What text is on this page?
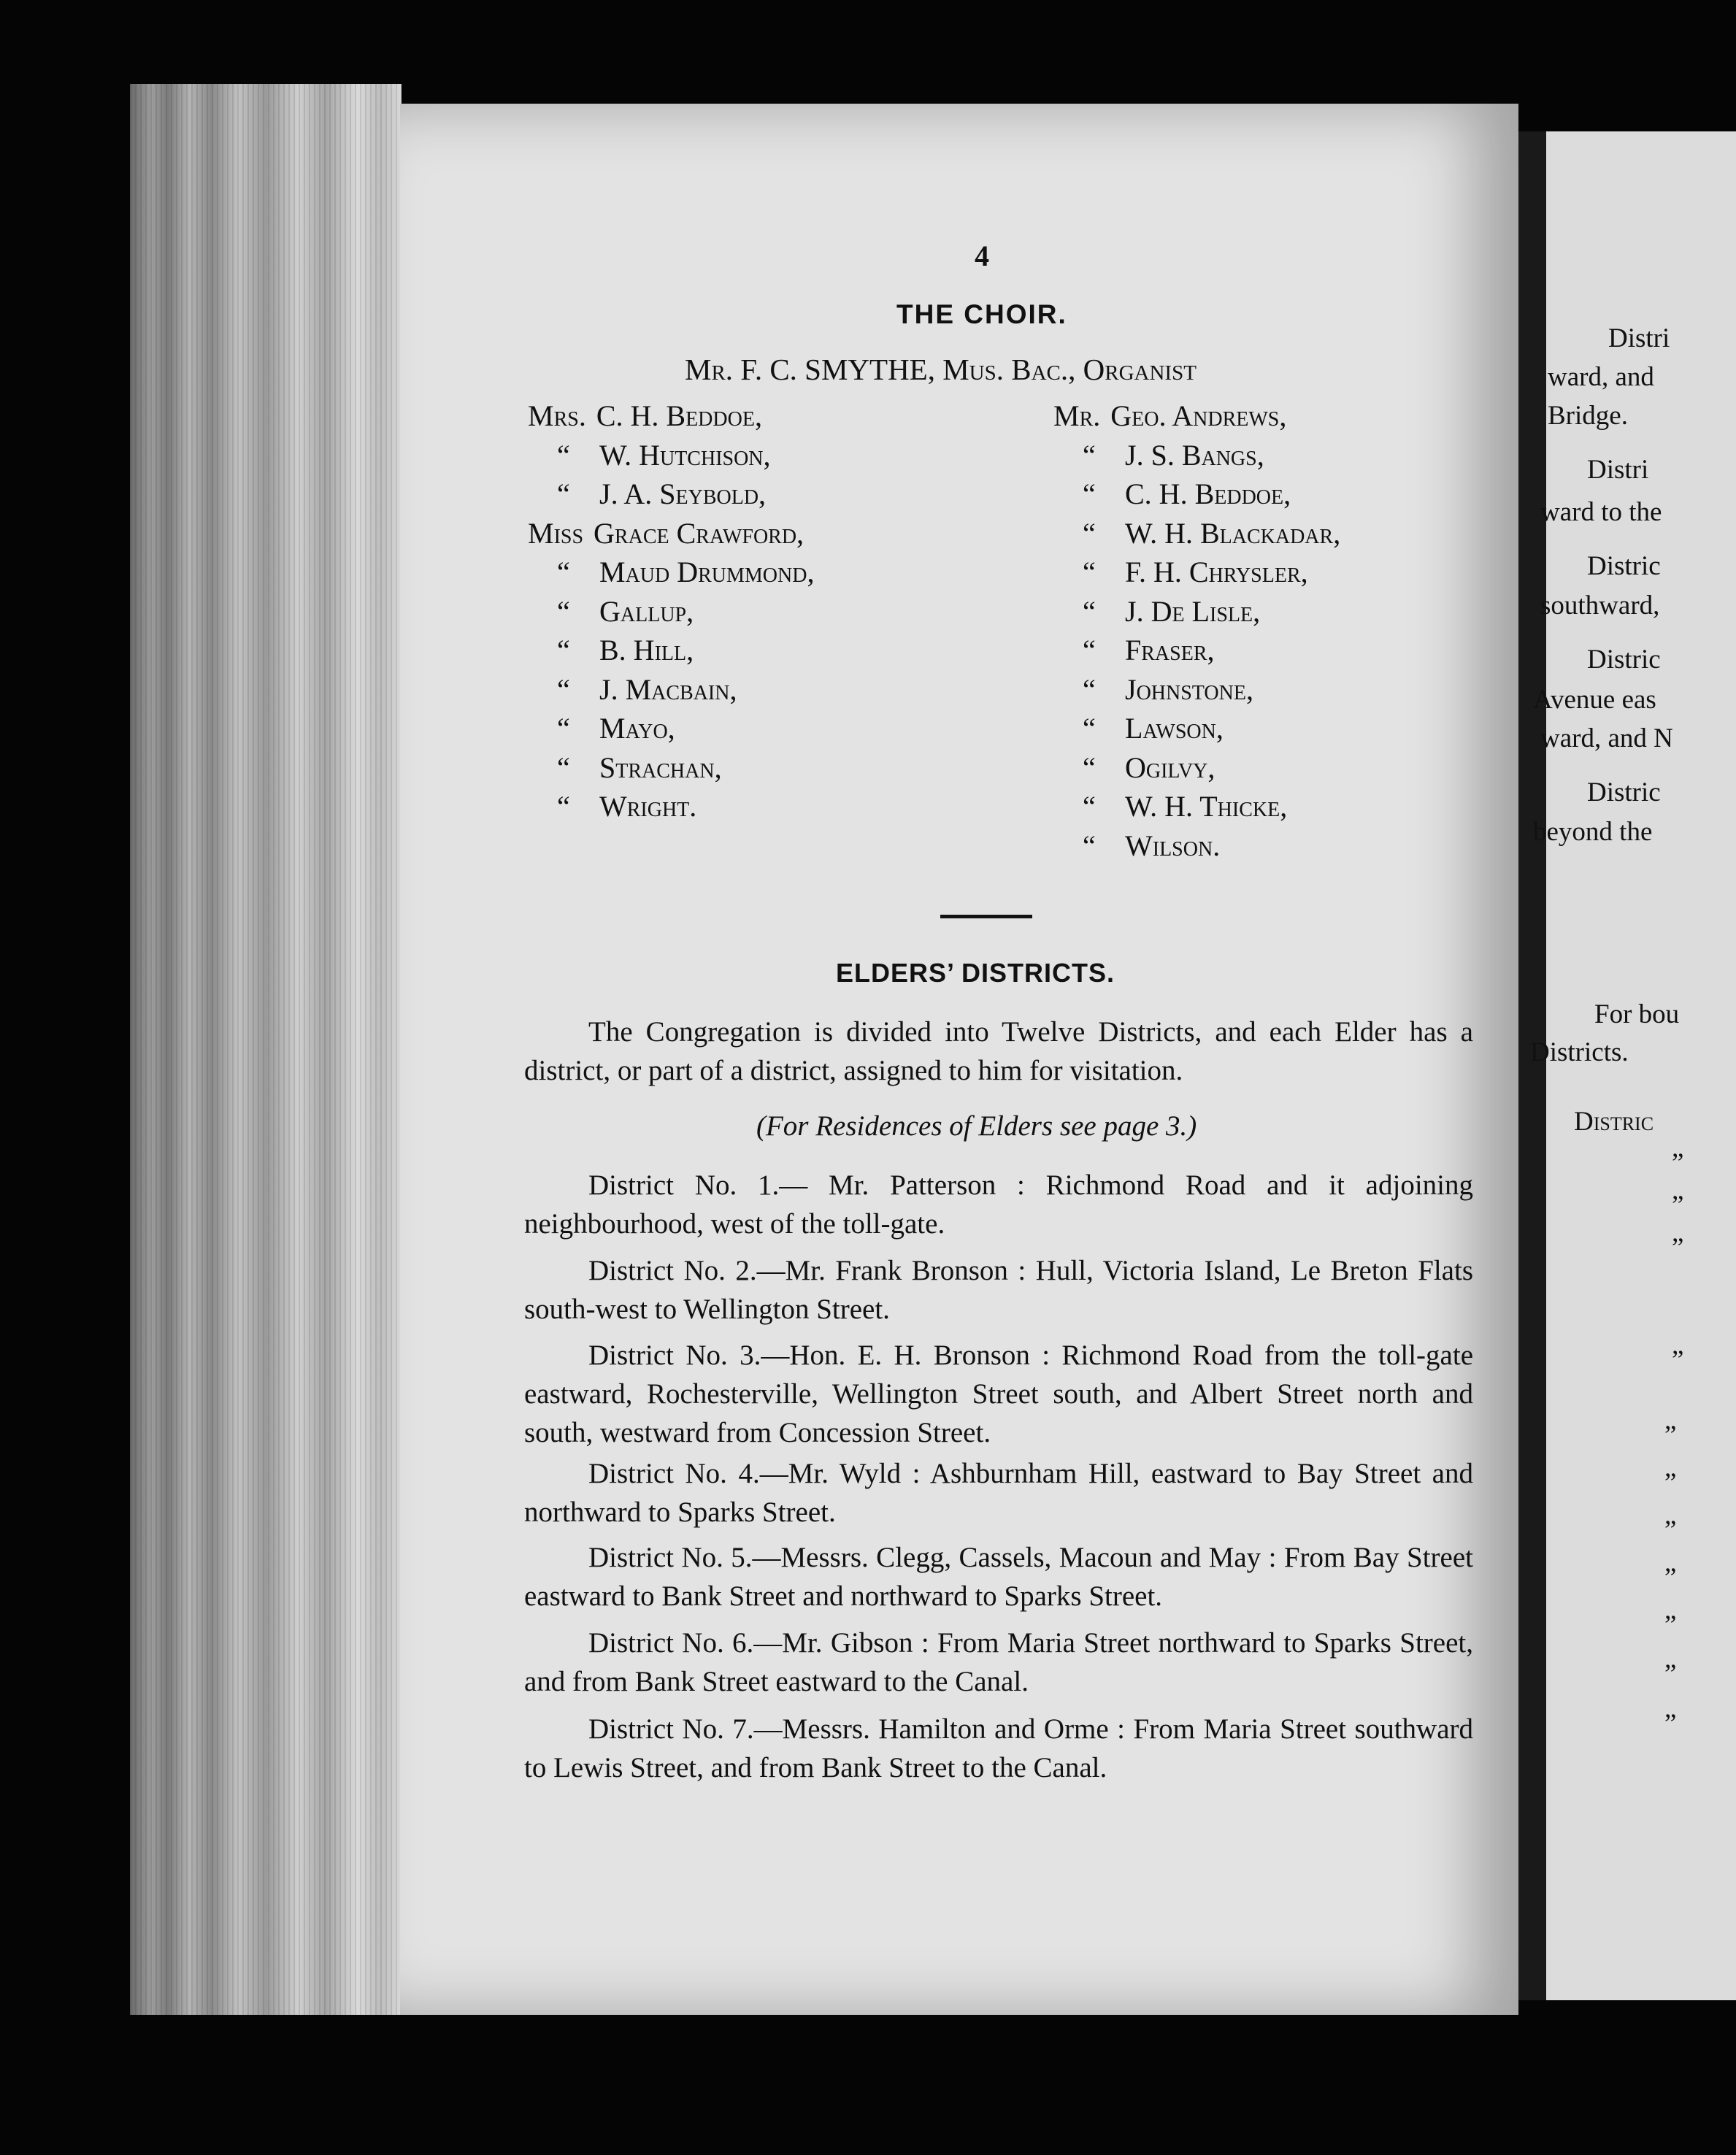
4
THE CHOIR.
Mr. F. C. SMYTHE, Mus. Bac., Organist
Mrs. C. H. Beddoe,
“ W. Hutchison,
“ J. A. Seybold,
Miss Grace Crawford,
“ Maud Drummond,
“ Gallup,
“ B. Hill,
“ J. Macbain,
“ Mayo,
“ Strachan,
“ Wright.
Mr. Geo. Andrews,
“ J. S. Bangs,
“ C. H. Beddoe,
“ W. H. Blackadar,
“ F. H. Chrysler,
“ J. De Lisle,
“ Fraser,
“ Johnstone,
“ Lawson,
“ Ogilvy,
“ W. H. Thicke,
“ Wilson.
ELDERS’ DISTRICTS.
The Congregation is divided into Twelve Districts, and each Elder has a district, or part of a district, assigned to him for visitation.
(For Residences of Elders see page 3.)
District No. 1.— Mr. Patterson : Richmond Road and it adjoining neighbourhood, west of the toll-gate.
District No. 2.—Mr. Frank Bronson : Hull, Victoria Island, Le Breton Flats south-west to Wellington Street.
District No. 3.—Hon. E. H. Bronson : Richmond Road from the toll-gate eastward, Rochesterville, Wellington Street south, and Albert Street north and south, westward from Concession Street.
District No. 4.—Mr. Wyld : Ashburnham Hill, eastward to Bay Street and northward to Sparks Street.
District No. 5.—Messrs. Clegg, Cassels, Macoun and May : From Bay Street eastward to Bank Street and northward to Sparks Street.
District No. 6.—Mr. Gibson : From Maria Street northward to Sparks Street, and from Bank Street eastward to the Canal.
District No. 7.—Messrs. Hamilton and Orme : From Maria Street southward to Lewis Street, and from Bank Street to the Canal.
Distri
ward, and
Bridge.
Distri
ward to the
Distric
southward,
Distric
Avenue eas
ward, and N
Distric
beyond the
For bou
Districts.
Distric
”
”
”
”
”
”
”
”
”
”
”
